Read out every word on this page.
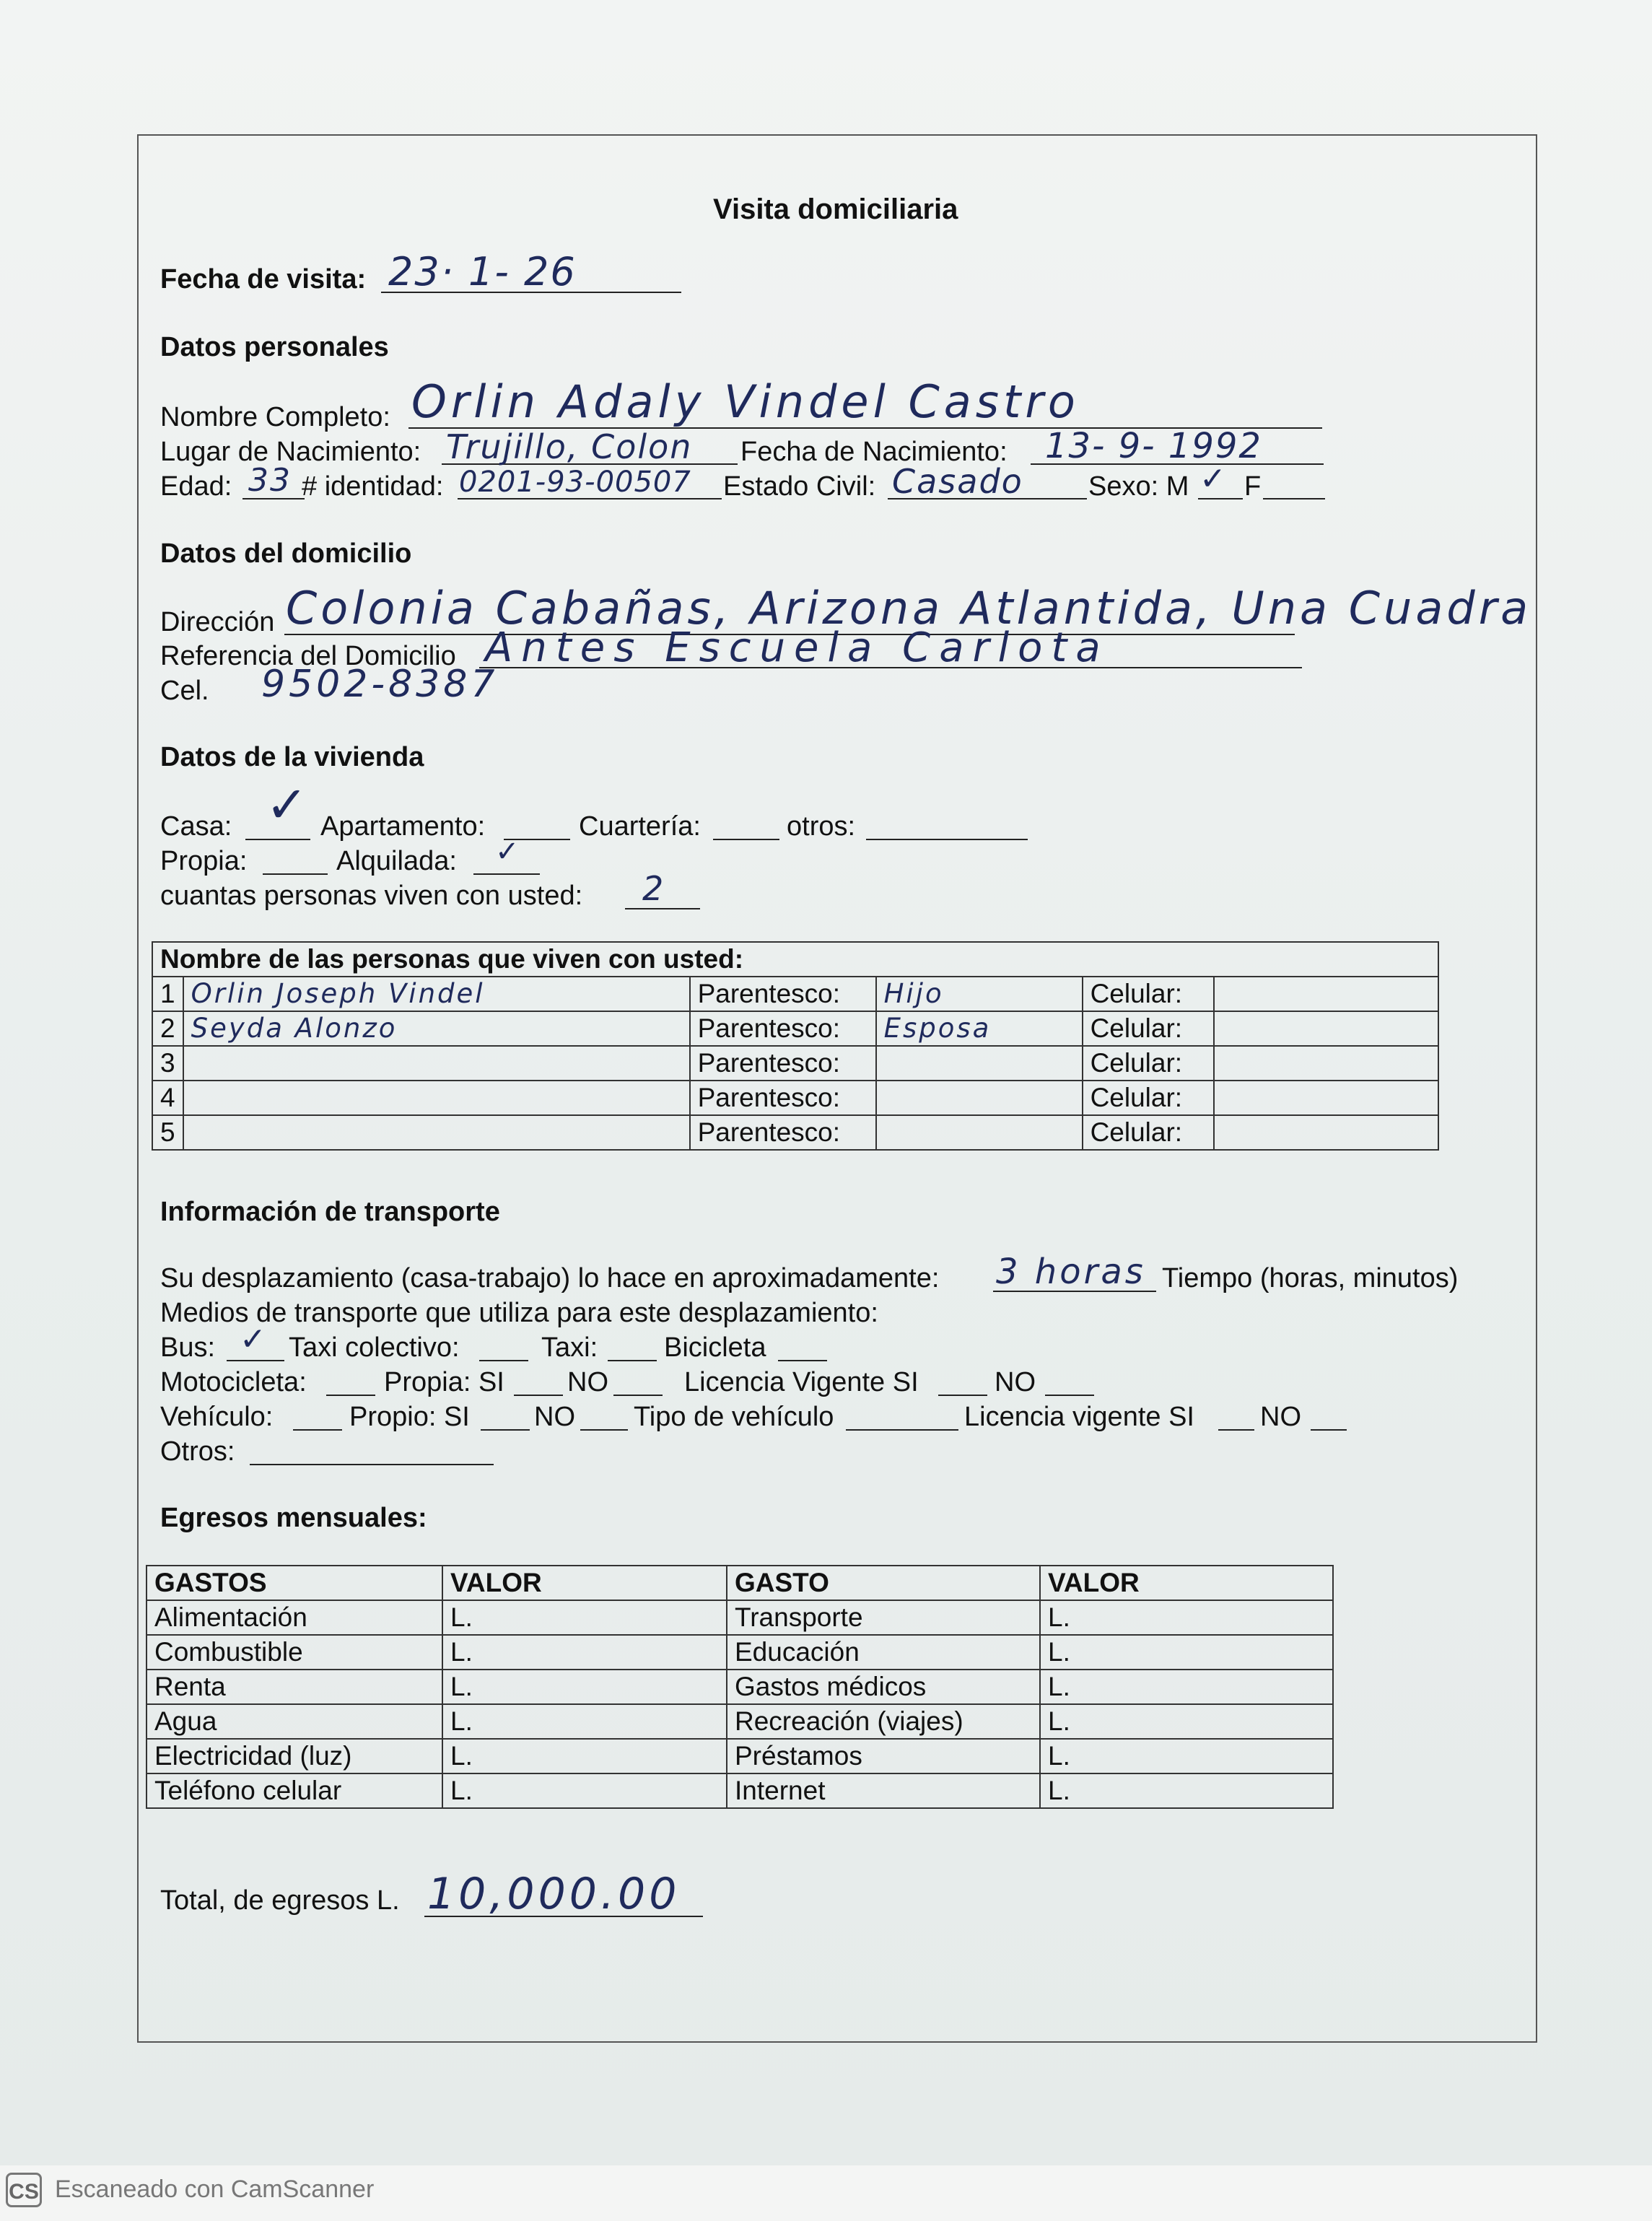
Visita domiciliaria
Fecha de visita: 23· 1- 26
Datos personales
Nombre Completo: Orlin Adaly Vindel Castro
Lugar de Nacimiento: Trujillo, Colon Fecha de Nacimiento: 13- 9- 1992
Edad: 33 # identidad: 0201-93-00507 Estado Civil: Casado Sexo: M ✓ F
Datos del domicilio
Dirección Colonia Cabañas, Arizona Atlantida, Una Cuadra
Referencia del Domicilio Antes Escuela Carlota
Cel. 9502-8387
Datos de la vivienda
Casa: ✓ Apartamento:	Cuartería:	otros:
Propia:	Alquilada: ✓
cuantas personas viven con usted: 2
Nombre de las personas que viven con usted:					
1	Orlin Joseph Vindel	Parentesco:	Hijo	Celular:	
2	Seyda Alonzo	Parentesco:	Esposa	Celular:	
3		Parentesco:		Celular:	
4		Parentesco:		Celular:	
5		Parentesco:		Celular:	
Información de transporte
Su desplazamiento (casa-trabajo) lo hace en aproximadamente: 3 horas Tiempo (horas, minutos)
Medios de transporte que utiliza para este desplazamiento:
Bus: ✓ Taxi colectivo:	Taxi: Bicicleta
Motocicleta:	Propia: SI NO	Licencia Vigente SI	NO
Vehículo:	Propio: SI NO Tipo de vehículo	Licencia vigente SI NO
Otros:
Egresos mensuales:
GASTOS	VALOR	GASTO	VALOR
Alimentación	L.	Transporte	L.
Combustible	L.	Educación	L.
Renta	L.	Gastos médicos	L.
Agua	L.	Recreación (viajes)	L.
Electricidad (luz)	L.	Préstamos	L.
Teléfono celular	L.	Internet	L.
Total, de egresos L. 10,000.00
CS Escaneado con CamScanner
